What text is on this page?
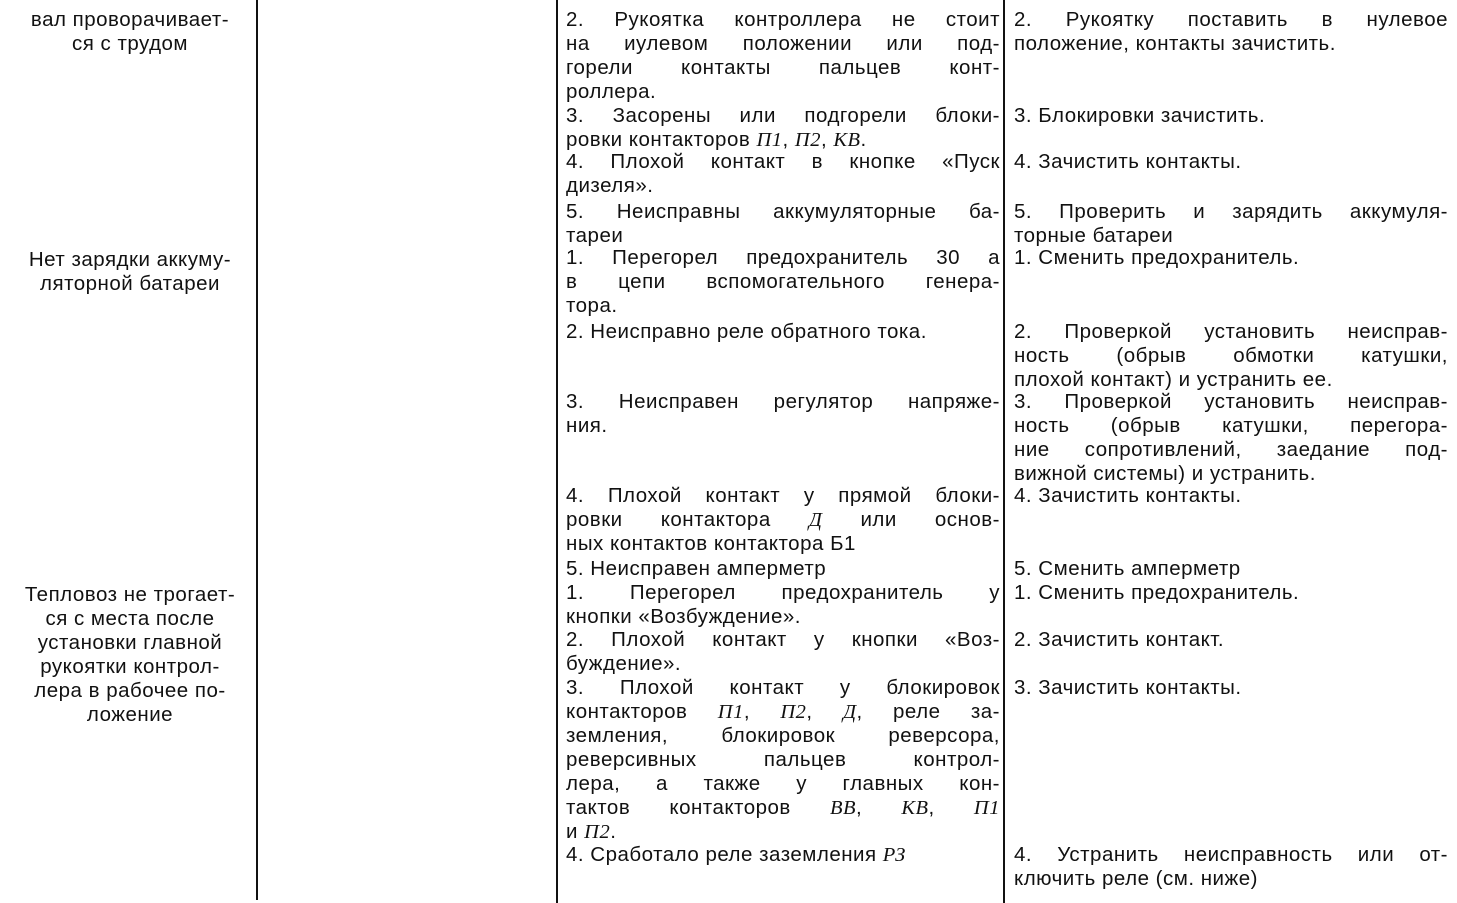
вал проворачивает-
ся с трудом
Нет зарядки аккуму-
ляторной батареи
Тепловоз не трогает-
ся с места после
установки главной
рукоятки контрол-
лера в рабочее по-
ложение
2. Рукоятка контроллера не стоит
на иулевом положении или под-
горели контакты пальцев конт-
роллера.
3. Засорены или подгорели блоки-
ровки контакторов П1, П2, КВ.
4. Плохой контакт в кнопке «Пуск
дизеля».
5. Неисправны аккумуляторные ба-
тареи
1. Перегорел предохранитель 30 а
в цепи вспомогательного генера-
тора.
2. Неисправно реле обратного тока.
3. Неисправен регулятор напряже-
ния.
4. Плохой контакт у прямой блоки-
ровки контактора Д или основ-
ных контактов контактора Б1
5. Неисправен амперметр
1. Перегорел предохранитель у
кнопки «Возбуждение».
2. Плохой контакт у кнопки «Воз-
буждение».
3. Плохой контакт у блокировок
контакторов П1, П2, Д, реле за-
земления, блокировок реверсора,
реверсивных пальцев контрол-
лера, а также у главных кон-
тактов контакторов ВВ, КВ, П1
и П2.
4. Сработало реле заземления РЗ
2. Рукоятку поставить в нулевое
положение, контакты зачистить.
3. Блокировки зачистить.
4. Зачистить контакты.
5. Проверить и зарядить аккумуля-
торные батареи
1. Сменить предохранитель.
2. Проверкой установить неисправ-
ность (обрыв обмотки катушки,
плохой контакт) и устранить ее.
3. Проверкой установить неисправ-
ность (обрыв катушки, перегора-
ние сопротивлений, заедание под-
вижной системы) и устранить.
4. Зачистить контакты.
5. Сменить амперметр
1. Сменить предохранитель.
2. Зачистить контакт.
3. Зачистить контакты.
4. Устранить неисправность или от-
ключить реле (см. ниже)
